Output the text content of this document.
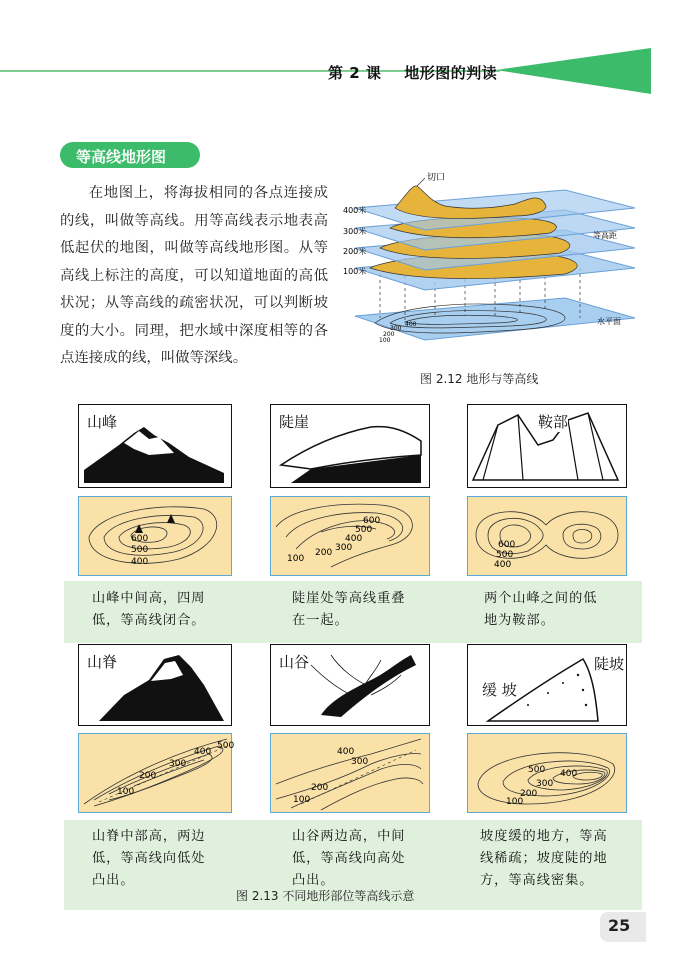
第 2 课    地形图的判读
等高线地形图

在地图上，将海拔相同的各点连接成的线，叫做等高线。用等高线表示地表高低起伏的地图，叫做等高线地形图。从等高线上标注的高度，可以知道地面的高低状况；从等高线的疏密状况，可以判断坡度的大小。同理，把水域中深度相等的各点连接成的线，叫做等深线。

切口
400米
300米
200米
100米
等高距
水平面
300
400
200
100
图 2.12 地形与等高线
山峰	陡崖	鞍部
600
500
400
600
500
400
300
200
100
600
500
400
山峰中间高，四周
低，等高线闭合。
陡崖处等高线重叠
在一起。
两个山峰之间的低
地为鞍部。
山脊	山谷
缓 坡
陡坡
500
400
300
200
100
400
300
200
100
400
500
300
200
100
山脊中部高，两边
低，等高线向低处
凸出。
山谷两边高，中间
低，等高线向高处
凸出。
坡度缓的地方，等高
线稀疏；坡度陡的地
方，等高线密集。
图 2.13 不同地形部位等高线示意
25
